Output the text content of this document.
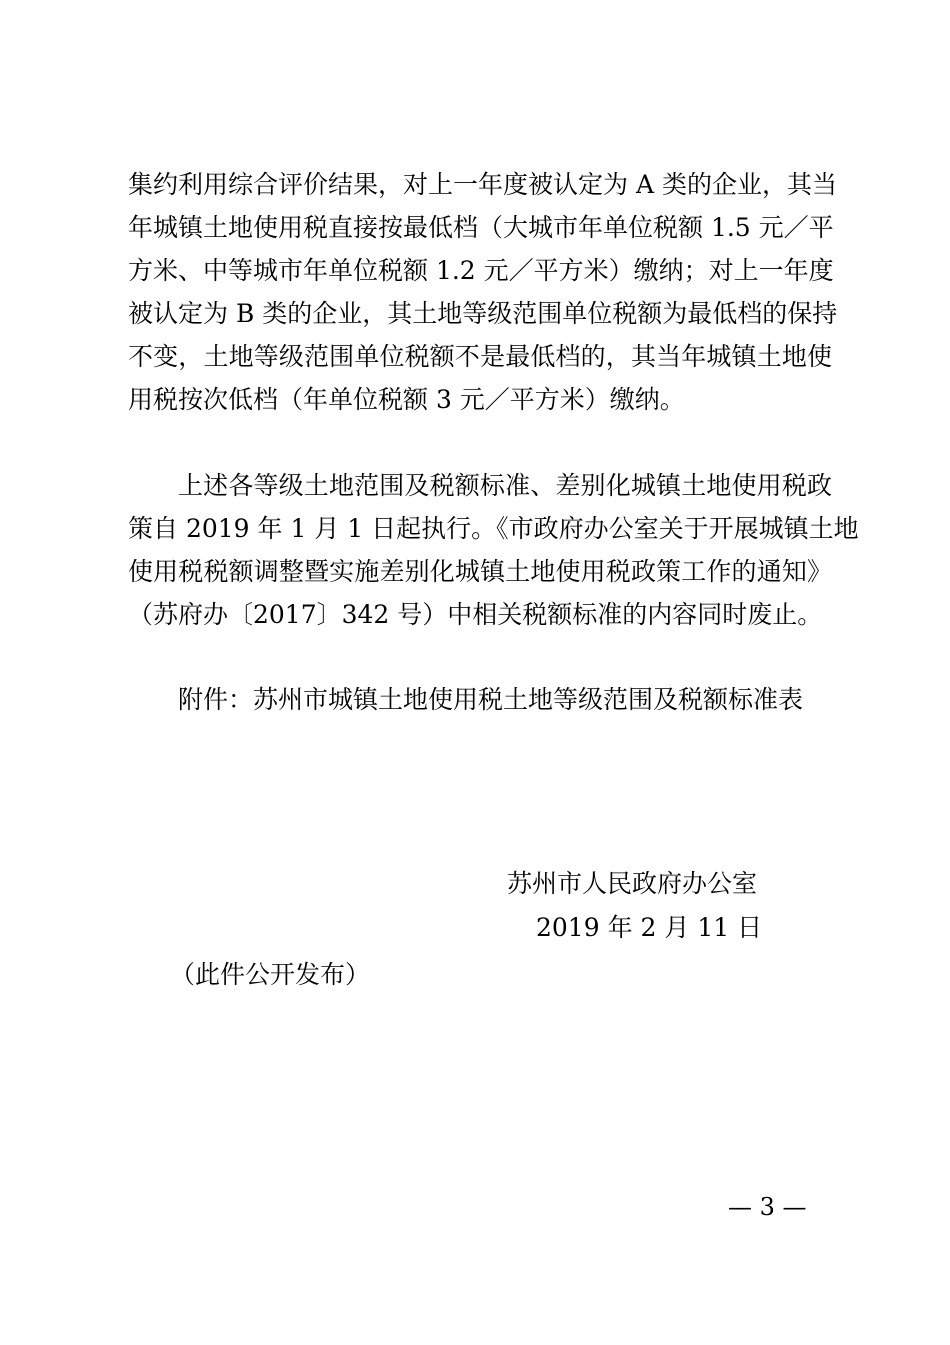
集约利用综合评价结果，对上一年度被认定为 A 类的企业，其当
年城镇土地使用税直接按最低档（大城市年单位税额 1.5 元／平
方米、中等城市年单位税额 1.2 元／平方米）缴纳；对上一年度
被认定为 B 类的企业，其土地等级范围单位税额为最低档的保持
不变，土地等级范围单位税额不是最低档的，其当年城镇土地使
用税按次低档（年单位税额 3 元／平方米）缴纳。
上述各等级土地范围及税额标准、差别化城镇土地使用税政
策自 2019 年 1 月 1 日起执行。《市政府办公室关于开展城镇土地
使用税税额调整暨实施差别化城镇土地使用税政策工作的通知》
（苏府办〔2017〕342 号）中相关税额标准的内容同时废止。
附件：苏州市城镇土地使用税土地等级范围及税额标准表
苏州市人民政府办公室
2019 年 2 月 11 日
（此件公开发布）
— 3 —
